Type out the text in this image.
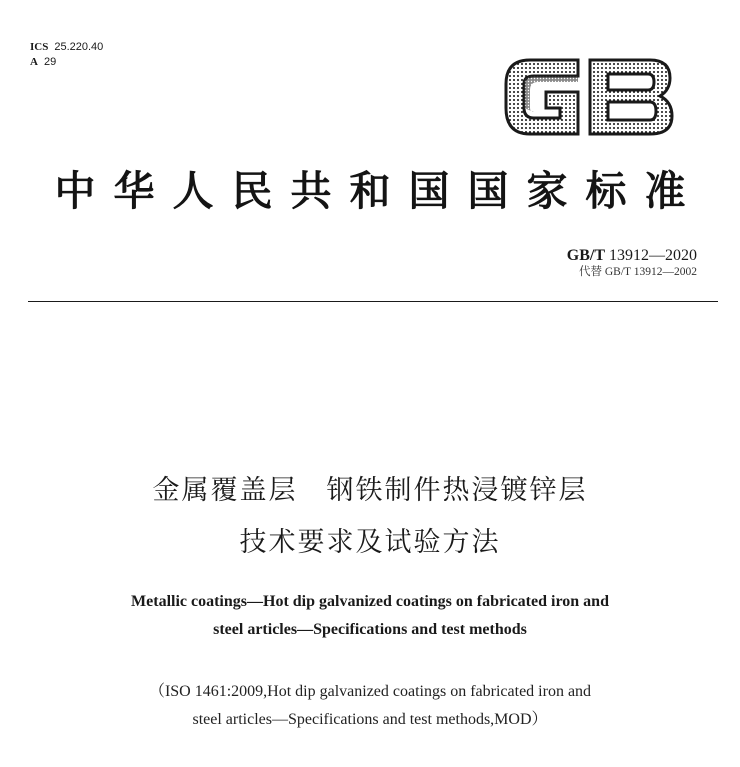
ICS 25.220.40
A 29
中华人民共和国国家标准
GB/T 13912—2020
代替 GB/T 13912—2002
金属覆盖层　钢铁制件热浸镀锌层
技术要求及试验方法
Metallic coatings—Hot dip galvanized coatings on fabricated iron and
steel articles—Specifications and test methods
（ISO 1461:2009,Hot dip galvanized coatings on fabricated iron and
steel articles—Specifications and test methods,MOD）
